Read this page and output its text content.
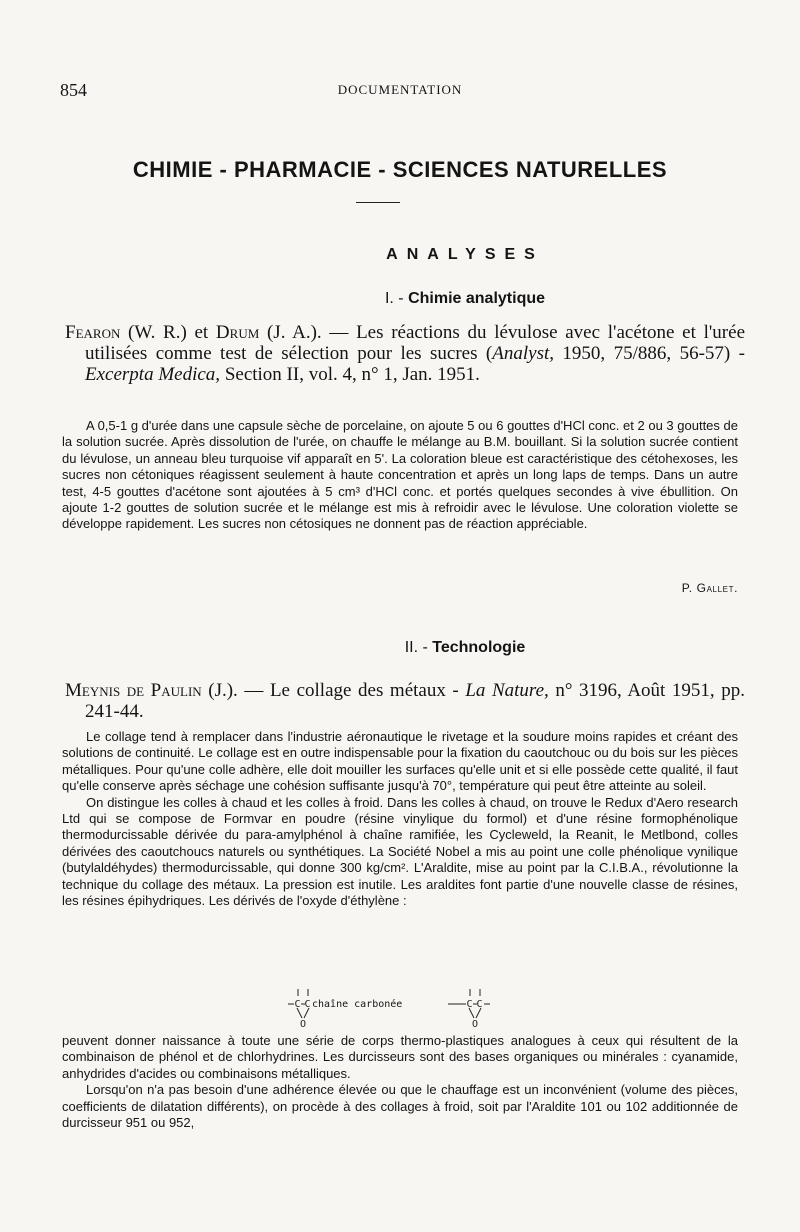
854	DOCUMENTATION
CHIMIE - PHARMACIE - SCIENCES NATURELLES
ANALYSES
I. - Chimie analytique
Fearon (W. R.) et Drum (J. A.). — Les réactions du lévulose avec l'acétone et l'urée utilisées comme test de sélection pour les sucres (Analyst, 1950, 75/886, 56-57) - Excerpta Medica, Section II, vol. 4, n° 1, Jan. 1951.

A 0,5-1 g d'urée dans une capsule sèche de porcelaine, on ajoute 5 ou 6 gouttes d'HCl conc. et 2 ou 3 gouttes de la solution sucrée. Après dissolution de l'urée, on chauffe le mélange au B.M. bouillant. Si la solution sucrée contient du lévulose, un anneau bleu turquoise vif apparaît en 5'. La coloration bleue est caractéristique des cétohexoses, les sucres non cétoniques réagissent seulement à haute concentration et après un long laps de temps. Dans un autre test, 4-5 gouttes d'acétone sont ajoutées à 5 cm³ d'HCl conc. et portés quelques secondes à vive ébullition. On ajoute 1-2 gouttes de solution sucrée et le mélange est mis à refroidir avec le lévulose. Une coloration violette se développe rapidement. Les sucres non cétosiques ne donnent pas de réaction appréciable.

P. Gallet.
II. - Technologie
Meynis de Paulin (J.). — Le collage des métaux - La Nature, n° 3196, Août 1951, pp. 241-44.

Le collage tend à remplacer dans l'industrie aéronautique le rivetage et la soudure moins rapides et créant des solutions de continuité. Le collage est en outre indispensable pour la fixation du caoutchouc ou du bois sur les pièces métalliques. Pour qu'une colle adhère, elle doit mouiller les surfaces qu'elle unit et si elle possède cette qualité, il faut qu'elle conserve après séchage une cohésion suffisante jusqu'à 70°, température qui peut être atteinte au soleil.

On distingue les colles à chaud et les colles à froid. Dans les colles à chaud, on trouve le Redux d'Aero research Ltd qui se compose de Formvar en poudre (résine vinylique du formol) et d'une résine formophénolique thermodurcissable dérivée du para-amylphénol à chaîne ramifiée, les Cycleweld, la Reanit, le Metlbond, colles dérivées des caoutchoucs naturels ou synthétiques. La Société Nobel a mis au point une colle phénolique vynilique (butylaldéhydes) thermodurcissable, qui donne 300 kg/cm². L'Araldite, mise au point par la C.I.B.A., révolutionne la technique du collage des métaux. La pression est inutile. Les araldites font partie d'une nouvelle classe de résines, les résines épihydriques. Les dérivés de l'oxyde d'éthylène :

C C
O
C C
O
chaîne carbonée

peuvent donner naissance à toute une série de corps thermo-plastiques analogues à ceux qui résultent de la combinaison de phénol et de chlorhydrines. Les durcisseurs sont des bases organiques ou minérales : cyanamide, anhydrides d'acides ou combinaisons métalliques.

Lorsqu'on n'a pas besoin d'une adhérence élevée ou que le chauffage est un inconvénient (volume des pièces, coefficients de dilatation différents), on procède à des collages à froid, soit par l'Araldite 101 ou 102 additionnée de durcisseur 951 ou 952,
